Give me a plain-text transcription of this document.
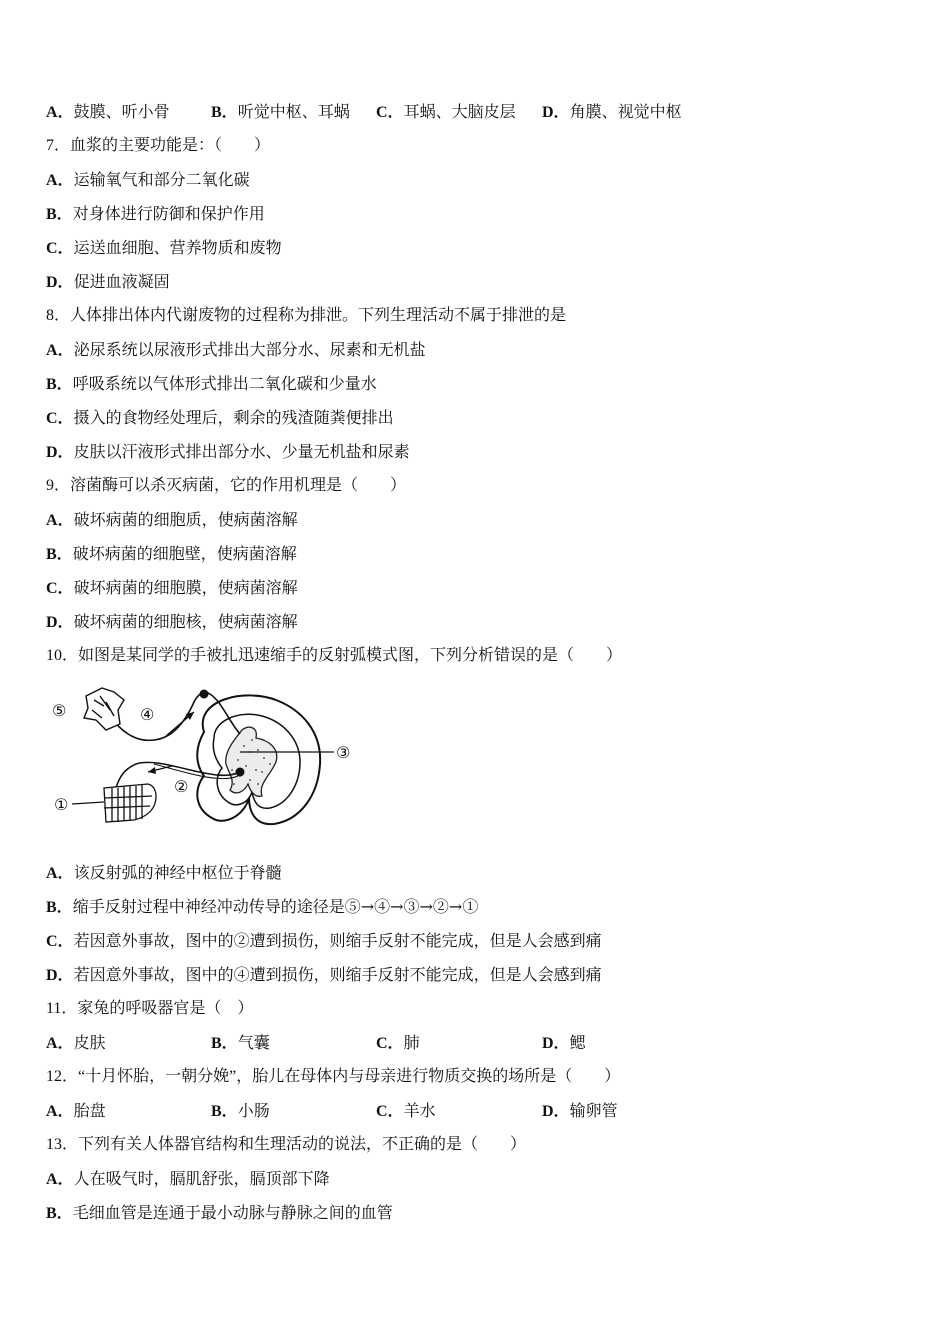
A．鼓膜、听小骨	B．听觉中枢、耳蜗 C．耳蜗、大脑皮层 D．角膜、视觉中枢
7．血浆的主要功能是：（　　）
A．运输氧气和部分二氧化碳
B．对身体进行防御和保护作用
C．运送血细胞、营养物质和废物
D．促进血液凝固
8．人体排出体内代谢废物的过程称为排泄。下列生理活动不属于排泄的是
A．泌尿系统以尿液形式排出大部分水、尿素和无机盐
B．呼吸系统以气体形式排出二氧化碳和少量水
C．摄入的食物经处理后，剩余的残渣随粪便排出
D．皮肤以汗液形式排出部分水、少量无机盐和尿素
9．溶菌酶可以杀灭病菌，它的作用机理是（　　）
A．破坏病菌的细胞质，使病菌溶解
B．破坏病菌的细胞壁，使病菌溶解
C．破坏病菌的细胞膜，使病菌溶解
D．破坏病菌的细胞核，使病菌溶解
10．如图是某同学的手被扎迅速缩手的反射弧模式图，下列分析错误的是（　　）
⑤	④
③
②
①
A．该反射弧的神经中枢位于脊髓
B．缩手反射过程中神经冲动传导的途径是⑤→④→③→②→①
C．若因意外事故，图中的②遭到损伤，则缩手反射不能完成，但是人会感到痛
D．若因意外事故，图中的④遭到损伤，则缩手反射不能完成，但是人会感到痛
11．家兔的呼吸器官是（　）
A．皮肤	B．气囊	C．肺	D．鳃
12．“十月怀胎，一朝分娩”，胎儿在母体内与母亲进行物质交换的场所是（　　）
A．胎盘	B．小肠	C．羊水	D．输卵管
13．下列有关人体器官结构和生理活动的说法，不正确的是（　　）
A．人在吸气时，膈肌舒张，膈顶部下降
B．毛细血管是连通于最小动脉与静脉之间的血管
